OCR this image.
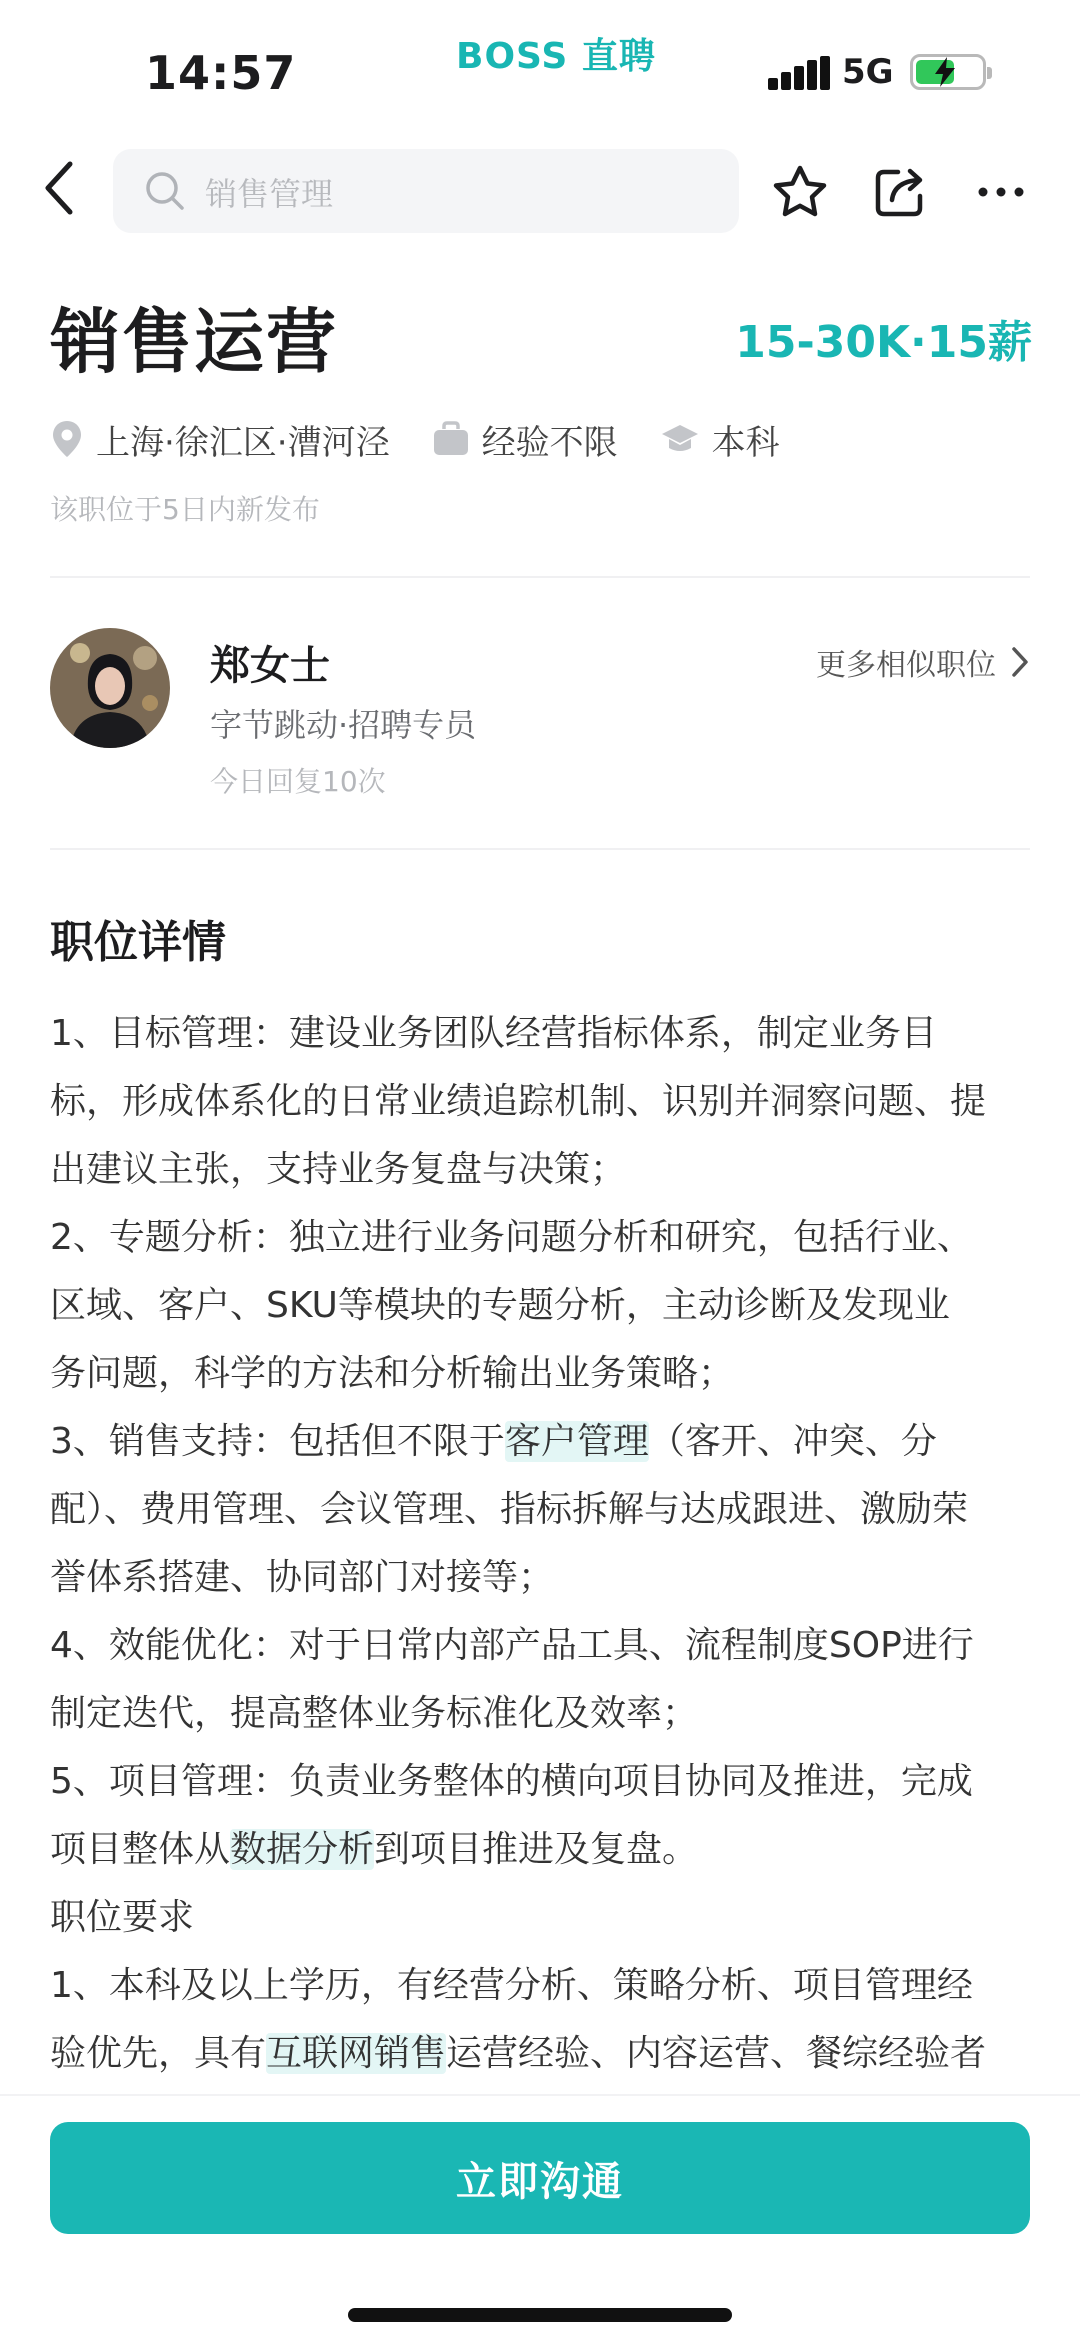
14:57	BOSS 直聘	5G
销售管理
销售运营	15-30K·15薪
上海·徐汇区·漕河泾	经验不限	本科
该职位于5日内新发布
郑女士
字节跳动·招聘专员
今日回复10次
更多相似职位
职位详情
1、目标管理：建设业务团队经营指标体系，制定业务目
标，形成体系化的日常业绩追踪机制、识别并洞察问题、提
出建议主张，支持业务复盘与决策；
2、专题分析：独立进行业务问题分析和研究，包括行业、
区域、客户、SKU等模块的专题分析，主动诊断及发现业
务问题，科学的方法和分析输出业务策略；
3、销售支持：包括但不限于客户管理（客开、冲突、分
配）、费用管理、会议管理、指标拆解与达成跟进、激励荣
誉体系搭建、协同部门对接等；
4、效能优化：对于日常内部产品工具、流程制度SOP进行
制定迭代，提高整体业务标准化及效率；
5、项目管理：负责业务整体的横向项目协同及推进，完成
项目整体从数据分析到项目推进及复盘。
职位要求
1、本科及以上学历，有经营分析、策略分析、项目管理经
验优先，具有互联网销售运营经验、内容运营、餐综经验者
立即沟通
